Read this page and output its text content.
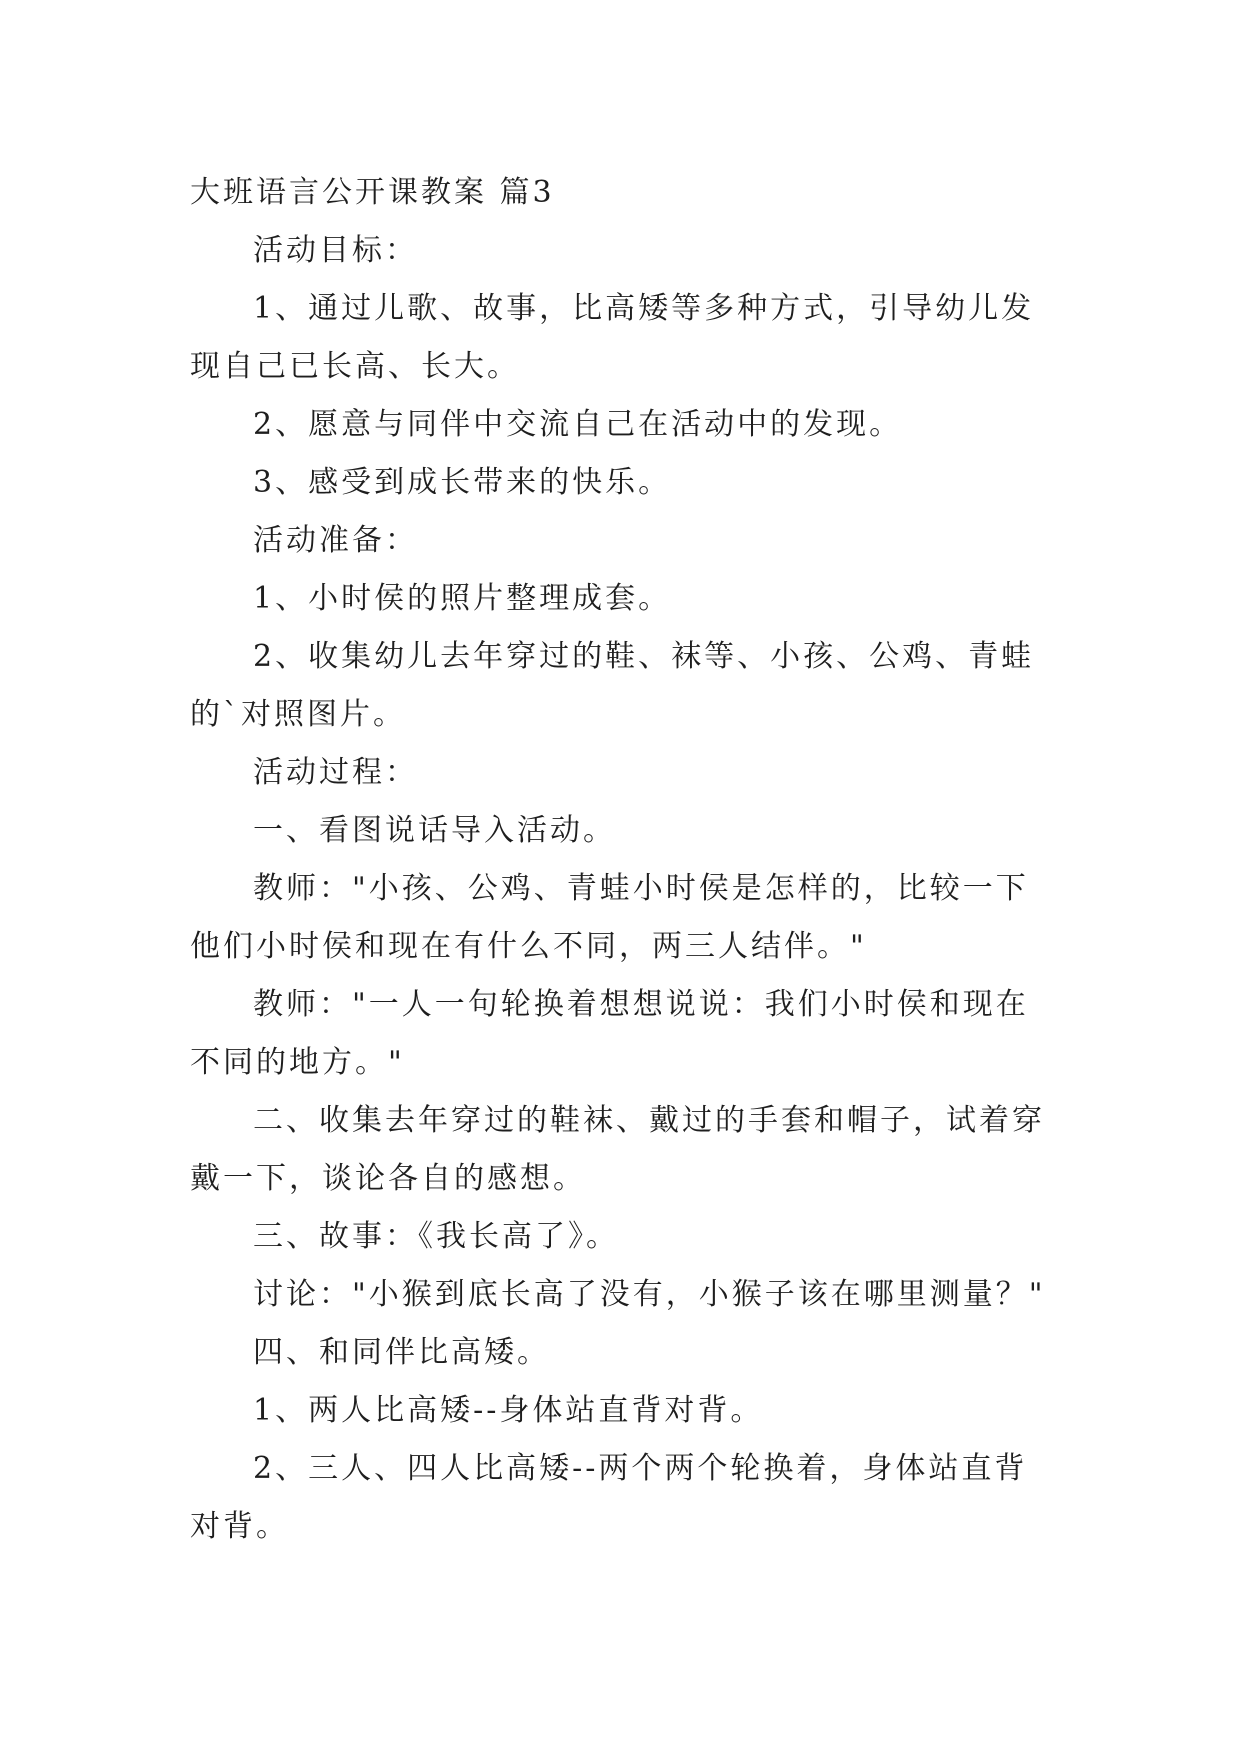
大班语言公开课教案 篇3

活动目标：

1、通过儿歌、故事，比高矮等多种方式，引导幼儿发现自己已长高、长大。

2、愿意与同伴中交流自己在活动中的发现。

3、感受到成长带来的快乐。

活动准备：

1、小时侯的照片整理成套。

2、收集幼儿去年穿过的鞋、袜等、小孩、公鸡、青蛙的`对照图片。

活动过程：

一、看图说话导入活动。

教师："小孩、公鸡、青蛙小时侯是怎样的，比较一下他们小时侯和现在有什么不同，两三人结伴。"

教师："一人一句轮换着想想说说：我们小时侯和现在不同的地方。"

二、收集去年穿过的鞋袜、戴过的手套和帽子，试着穿戴一下，谈论各自的感想。

三、故事：《我长高了》。

讨论："小猴到底长高了没有，小猴子该在哪里测量？"

四、和同伴比高矮。

1、两人比高矮--身体站直背对背。

2、三人、四人比高矮--两个两个轮换着，身体站直背对背。
